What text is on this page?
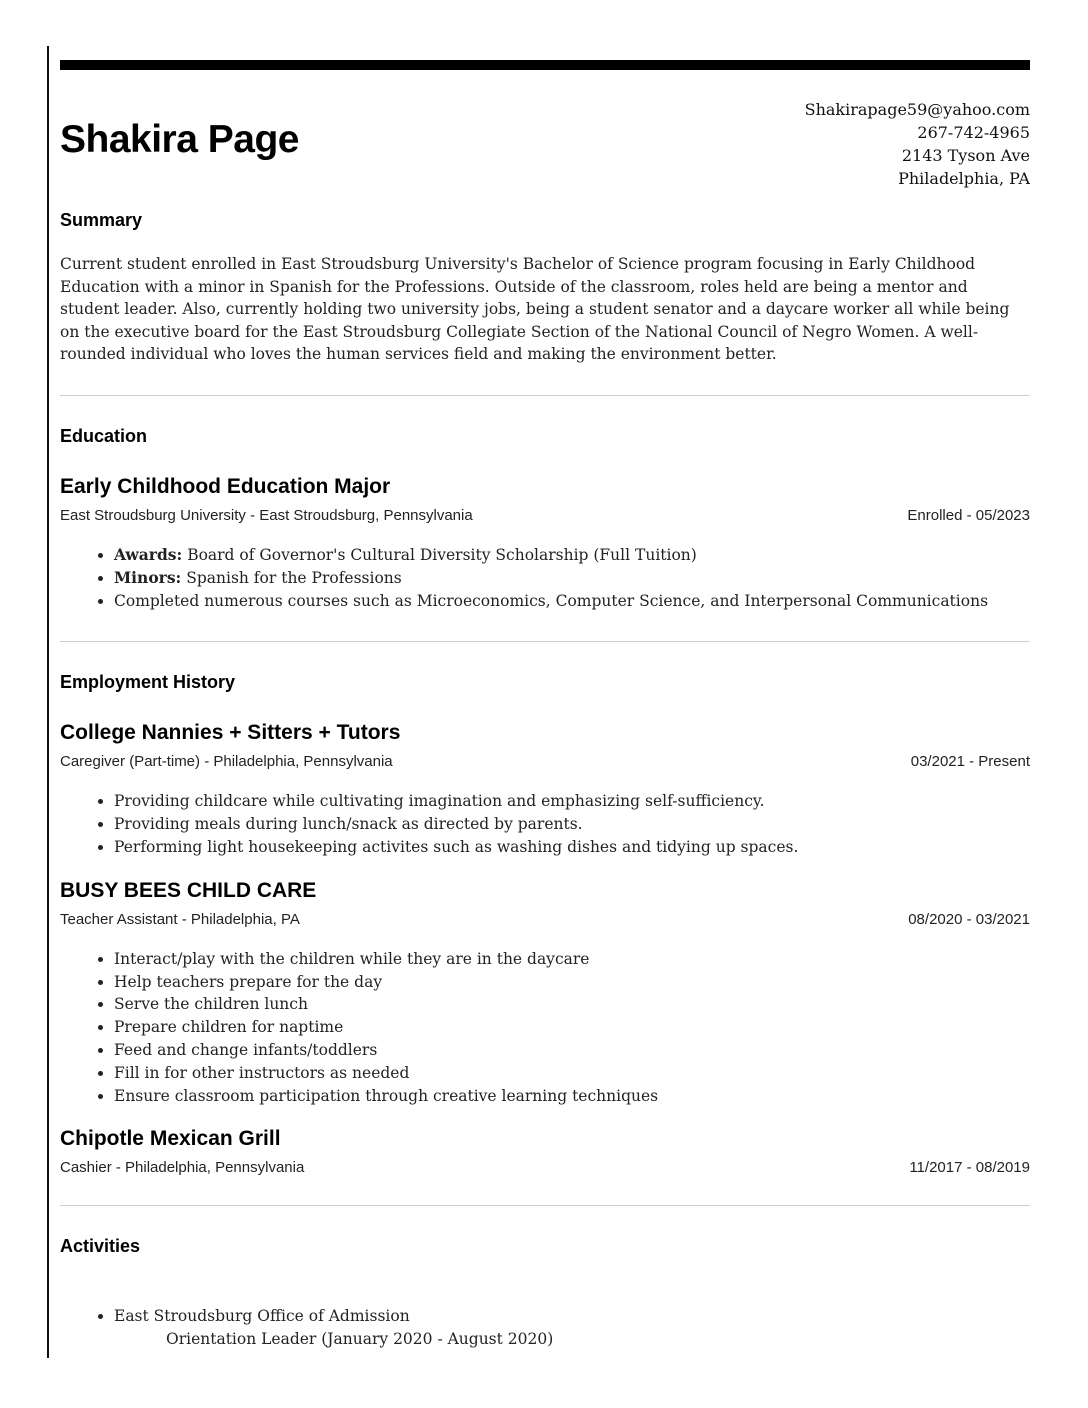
Shakira Page
Shakirapage59@yahoo.com
267-742-4965
2143 Tyson Ave
Philadelphia, PA
Summary

Current student enrolled in East Stroudsburg University's Bachelor of Science program focusing in Early Childhood Education with a minor in Spanish for the Professions. Outside of the classroom, roles held are being a mentor and student leader. Also, currently holding two university jobs, being a student senator and a daycare worker all while being on the executive board for the East Stroudsburg Collegiate Section of the National Council of Negro Women. A well-rounded individual who loves the human services field and making the environment better.

Education
Early Childhood Education Major
East Stroudsburg University - East Stroudsburg, Pennsylvania	Enrolled - 05/2023
• Awards: Board of Governor's Cultural Diversity Scholarship (Full Tuition)
• Minors: Spanish for the Professions
• Completed numerous courses such as Microeconomics, Computer Science, and Interpersonal Communications
Employment History
College Nannies + Sitters + Tutors
Caregiver (Part-time) - Philadelphia, Pennsylvania	03/2021 - Present
• Providing childcare while cultivating imagination and emphasizing self-sufficiency.
• Providing meals during lunch/snack as directed by parents.
• Performing light housekeeping activites such as washing dishes and tidying up spaces.
BUSY BEES CHILD CARE
Teacher Assistant - Philadelphia, PA	08/2020 - 03/2021
• Interact/play with the children while they are in the daycare
• Help teachers prepare for the day
• Serve the children lunch
• Prepare children for naptime
• Feed and change infants/toddlers
• Fill in for other instructors as needed
• Ensure classroom participation through creative learning techniques
Chipotle Mexican Grill
Cashier - Philadelphia, Pennsylvania	11/2017 - 08/2019
Activities
• East Stroudsburg Office of Admission
Orientation Leader (January 2020 - August 2020)
